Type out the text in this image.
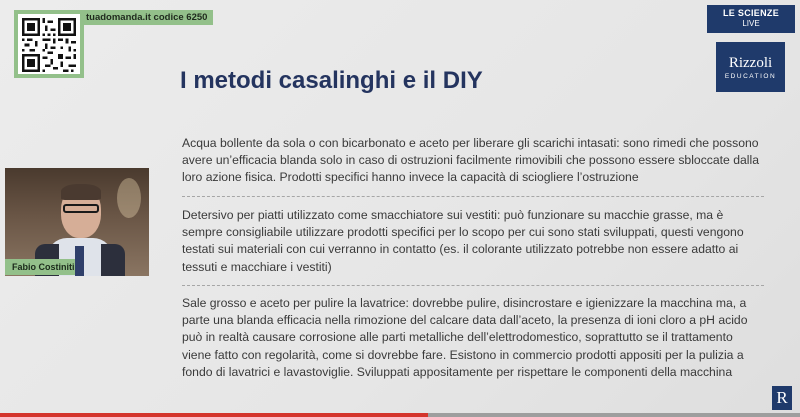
tuadomanda.it codice 6250	LE SCIENZE
LIVE
Rizzoli
EDUCATION
I metodi casalinghi e il DIY

Acqua bollente da sola o con bicarbonato e aceto per liberare gli scarichi intasati: sono rimedi che possono avere un’efficacia blanda solo in caso di ostruzioni facilmente rimovibili che possono essere sbloccate dalla loro azione fisica. Prodotti specifici hanno invece la capacità di sciogliere l’ostruzione

Detersivo per piatti utilizzato come smacchiatore sui vestiti: può funzionare su macchie grasse, ma è sempre consigliabile utilizzare prodotti specifici per lo scopo per cui sono stati sviluppati, questi vengono testati sui materiali con cui verranno in contatto (es. il colorante utilizzato potrebbe non essere adatto ai tessuti e macchiare i vestiti)

Sale grosso e aceto per pulire la lavatrice: dovrebbe pulire, disincrostare e igienizzare la macchina ma, a parte una blanda efficacia nella rimozione del calcare data dall’aceto, la presenza di ioni cloro a pH acido può in realtà causare corrosione alle parti metalliche dell’elettrodomestico, soprattutto se il trattamento viene fatto con regolarità, come si dovrebbe fare. Esistono in commercio prodotti appositi per la pulizia a fondo di lavatrici e lavastoviglie. Sviluppati appositamente per rispettare le componenti della macchina

Fabio Costiniti
R
